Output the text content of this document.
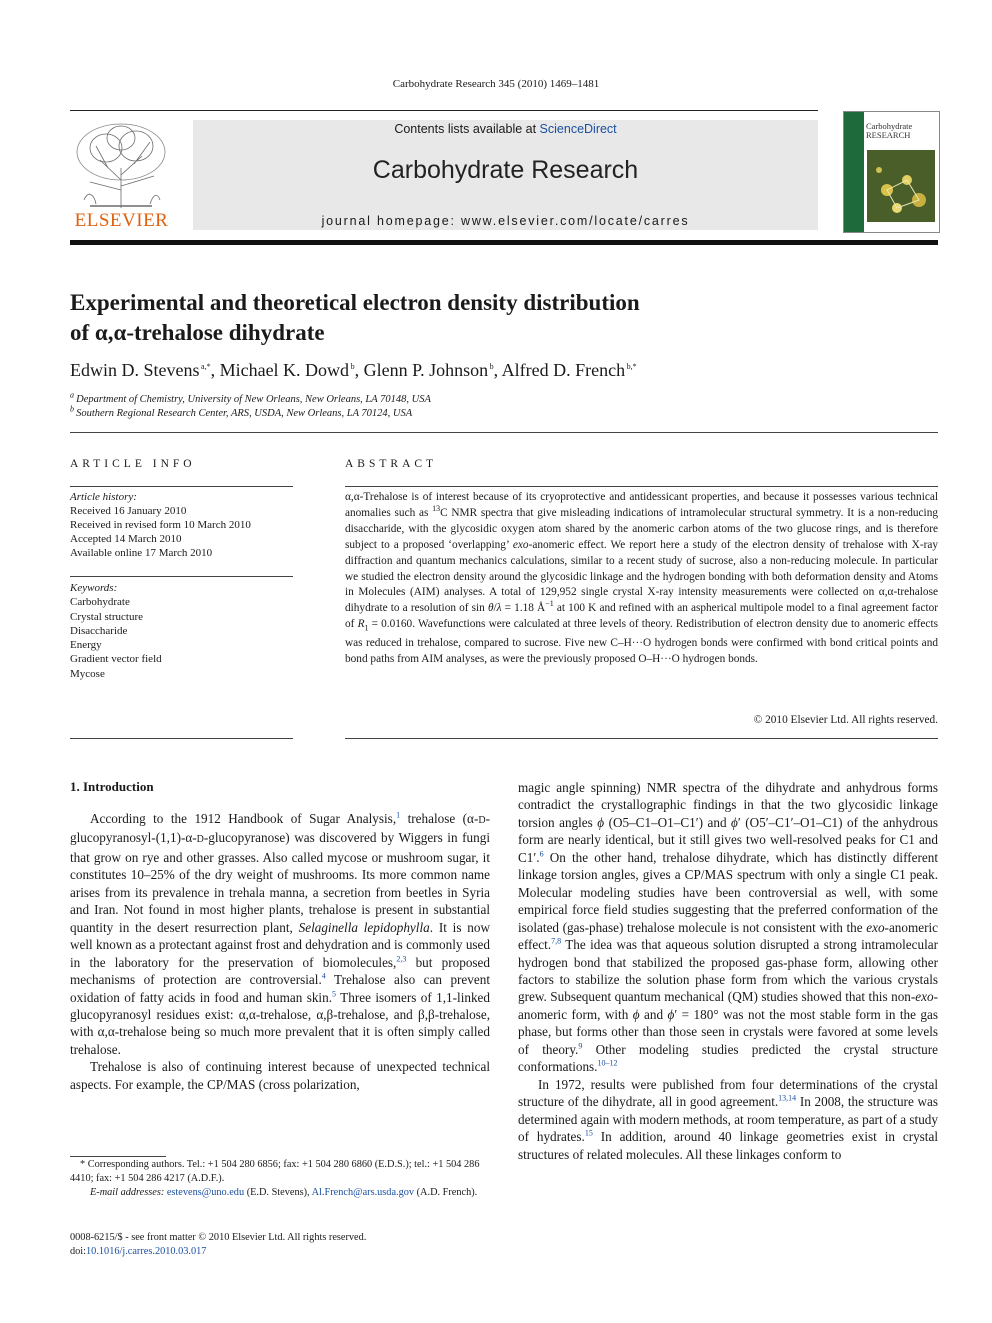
Carbohydrate Research 345 (2010) 1469–1481
ELSEVIER
Contents lists available at ScienceDirect
Carbohydrate Research
journal homepage: www.elsevier.com/locate/carres
Carbohydrate
RESEARCH
Experimental and theoretical electron density distribution
of α,α-trehalose dihydrate
Edwin D. Stevens  $^{a,*}$, Michael K. Dowd  $^b$, Glenn P. Johnson  $^b$, Alfred D. French  $^{b,*}$
$^a$  Department of Chemistry, University of New Orleans, New Orleans, LA 70148, USA
$^b$  Southern Regional Research Center, ARS, USDA, New Orleans, LA 70124, USA
ARTICLE INFO
Article history:
Received 16 January 2010
Received in revised form 10 March 2010
Accepted 14 March 2010
Available online 17 March 2010
Keywords:
Carbohydrate
Crystal structure
Disaccharide
Energy
Gradient vector field
Mycose
ABSTRACT
α,α-Trehalose is of interest because of its cryoprotective and antidessicant properties, and because it possesses various technical anomalies such as $^{13}$C NMR spectra that give misleading indications of intramolecular structural symmetry. It is a non-reducing disaccharide, with the glycosidic oxygen atom shared by the anomeric carbon atoms of the two glucose rings, and is therefore subject to a proposed ‘overlapping’ exo-anomeric effect. We report here a study of the electron density of trehalose with X-ray diffraction and quantum mechanics calculations, similar to a recent study of sucrose, also a non-reducing molecule. In particular we studied the electron density around the glycosidic linkage and the hydrogen bonding with both deformation density and Atoms in Molecules (AIM) analyses. A total of 129,952 single crystal X-ray intensity measurements were collected on α,α-trehalose dihydrate to a resolution of sin θ/λ = 1.18 $Å^{-1}$ at 100 K and refined with an aspherical multipole model to a final agreement factor of $R_1 = 0.0160$. Wavefunctions were calculated at three levels of theory. Redistribution of electron density due to anomeric effects was reduced in trehalose, compared to sucrose. Five new C–H···O hydrogen bonds were confirmed with bond critical points and bond paths from AIM analyses, as were the previously proposed O–H···O hydrogen bonds.
© 2010 Elsevier Ltd. All rights reserved.
1. Introduction

According to the 1912 Handbook of Sugar Analysis,$^1$ trehalose (α-D-glucopyranosyl-(1,1)-α-D-glucopyranose) was discovered by Wiggers in fungi that grow on rye and other grasses. Also called mycose or mushroom sugar, it constitutes 10–25% of the dry weight of mushrooms. Its more common name arises from its prevalence in trehala manna, a secretion from beetles in Syria and Iran. Not found in most higher plants, trehalose is present in substantial quantity in the desert resurrection plant, Selaginella lepidophylla. It is now well known as a protectant against frost and dehydration and is commonly used in the laboratory for the preservation of biomolecules,$^{2,3}$ but proposed mechanisms of protection are controversial.$^4$ Trehalose also can prevent oxidation of fatty acids in food and human skin.$^5$ Three isomers of 1,1-linked glucopyranosyl residues exist: α,α-trehalose, α,β-trehalose, and β,β-trehalose, with α,α-trehalose being so much more prevalent that it is often simply called trehalose.

Trehalose is also of continuing interest because of unexpected technical aspects. For example, the CP/MAS (cross polarization,

magic angle spinning) NMR spectra of the dihydrate and anhydrous forms contradict the crystallographic findings in that the two glycosidic linkage torsion angles ϕ (O5–C1–O1–C1′) and ϕ′ (O5′–C1′–O1–C1) of the anhydrous form are nearly identical, but it still gives two well-resolved peaks for C1 and C1′.$^6$ On the other hand, trehalose dihydrate, which has distinctly different linkage torsion angles, gives a CP/MAS spectrum with only a single C1 peak. Molecular modeling studies have been controversial as well, with some empirical force field studies suggesting that the preferred conformation of the isolated (gas-phase) trehalose molecule is not consistent with the exo-anomeric effect.$^{7,8}$ The idea was that aqueous solution disrupted a strong intramolecular hydrogen bond that stabilized the proposed gas-phase form, allowing other factors to stabilize the solution phase form from which the various crystals grew. Subsequent quantum mechanical (QM) studies showed that this non-exo-anomeric form, with ϕ and ϕ′ = 180° was not the most stable form in the gas phase, but forms other than those seen in crystals were favored at some levels of theory.$^9$ Other modeling studies predicted the crystal structure conformations.$^{10-12}$

In 1972, results were published from four determinations of the crystal structure of the dihydrate, all in good agreement.$^{13,14}$ In 2008, the structure was determined again with modern methods, at room temperature, as part of a study of hydrates.$^{15}$ In addition, around 40 linkage geometries exist in crystal structures of related molecules. All these linkages conform to

* Corresponding authors. Tel.: +1 504 280 6856; fax: +1 504 280 6860 (E.D.S.); tel.: +1 504 286 4410; fax: +1 504 286 4217 (A.D.F.).
E-mail addresses: estevens@uno.edu (E.D. Stevens), Al.French@ars.usda.gov (A.D. French).
0008-6215/$ - see front matter © 2010 Elsevier Ltd. All rights reserved.
doi:10.1016/j.carres.2010.03.017
